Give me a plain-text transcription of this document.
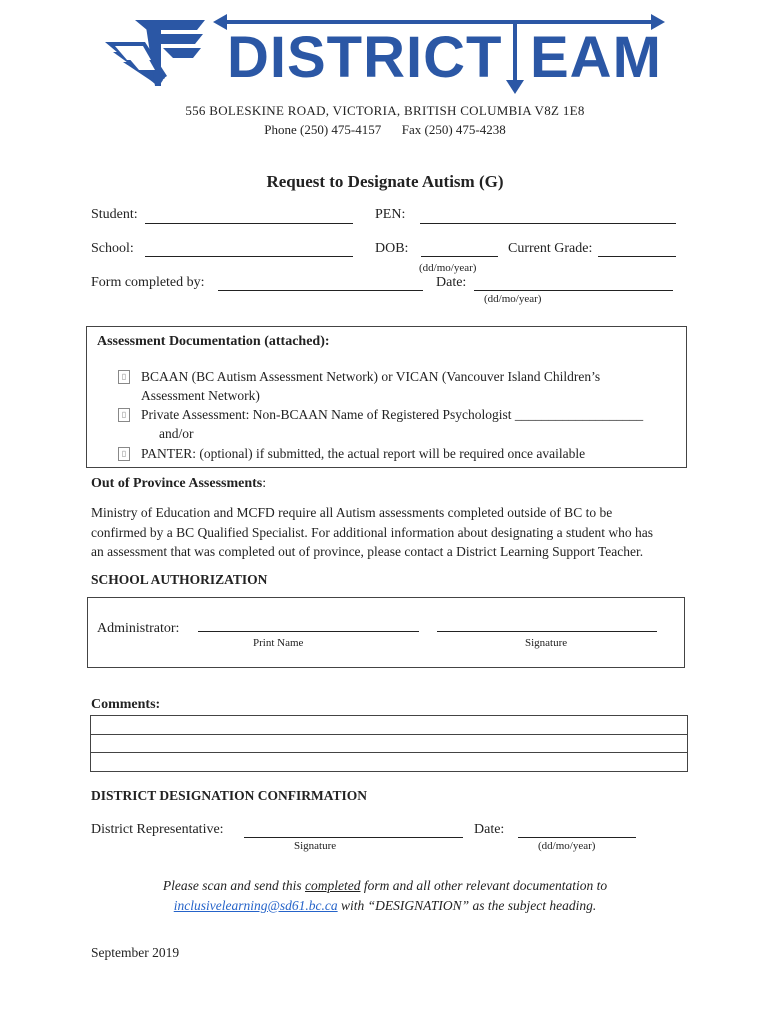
DISTRICT EAM
556 BOLESKINE ROAD, VICTORIA, BRITISH COLUMBIA V8Z 1E8
Phone (250) 475-4157 Fax (250) 475-4238
Request to Designate Autism (G)
Student:	PEN:
School:	DOB:	Current Grade:
(dd/mo/year)
Form completed by:	Date:
(dd/mo/year)
Assessment Documentation (attached):
▯ BCAAN (BC Autism Assessment Network) or VICAN (Vancouver Island Children’s
Assessment Network)
▯ Private Assessment: Non-BCAAN Name of Registered Psychologist ___________________
and/or
▯ PANTER: (optional) if submitted, the actual report will be required once available
Out of Province Assessments:
Ministry of Education and MCFD require all Autism assessments completed outside of BC to be
confirmed by a BC Qualified Specialist. For additional information about designating a student who has
an assessment that was completed out of province, please contact a District Learning Support Teacher.
SCHOOL AUTHORIZATION
Administrator:
Print Name	Signature
Comments:
DISTRICT DESIGNATION CONFIRMATION
District Representative:
Signature
Date:
(dd/mo/year)
Please scan and send this completed form and all other relevant documentation to
inclusivelearning@sd61.bc.ca with “DESIGNATION” as the subject heading.
September 2019
